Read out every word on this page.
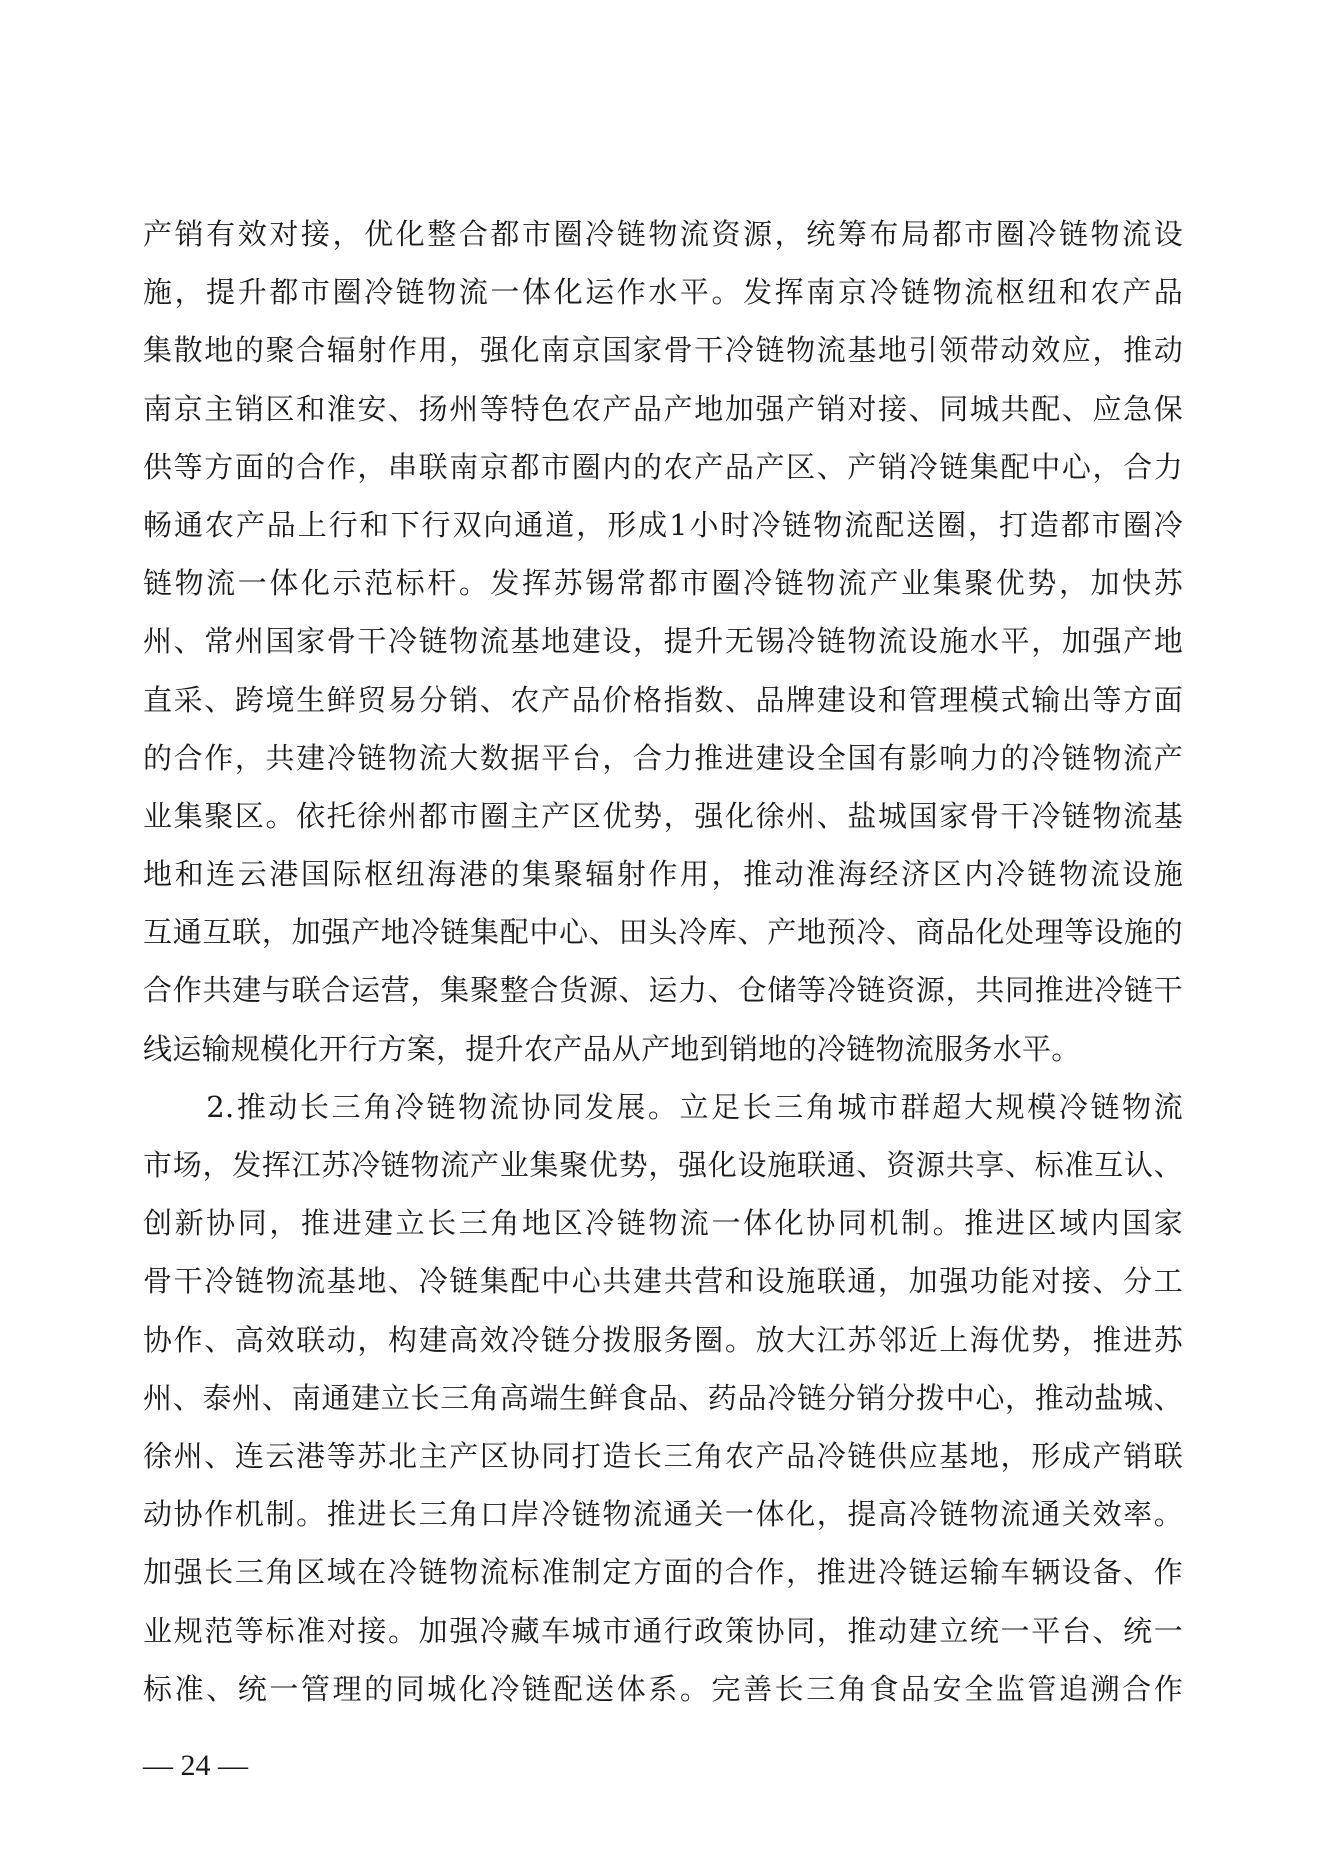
产销有效对接，优化整合都市圈冷链物流资源，统筹布局都市圈冷链物流设
施，提升都市圈冷链物流一体化运作水平。发挥南京冷链物流枢纽和农产品
集散地的聚合辐射作用，强化南京国家骨干冷链物流基地引领带动效应，推动
南京主销区和淮安、扬州等特色农产品产地加强产销对接、同城共配、应急保
供等方面的合作，串联南京都市圈内的农产品产区、产销冷链集配中心，合力
畅通农产品上行和下行双向通道，形成1小时冷链物流配送圈，打造都市圈冷
链物流一体化示范标杆。发挥苏锡常都市圈冷链物流产业集聚优势，加快苏
州、常州国家骨干冷链物流基地建设，提升无锡冷链物流设施水平，加强产地
直采、跨境生鲜贸易分销、农产品价格指数、品牌建设和管理模式输出等方面
的合作，共建冷链物流大数据平台，合力推进建设全国有影响力的冷链物流产
业集聚区。依托徐州都市圈主产区优势，强化徐州、盐城国家骨干冷链物流基
地和连云港国际枢纽海港的集聚辐射作用，推动淮海经济区内冷链物流设施
互通互联，加强产地冷链集配中心、田头冷库、产地预冷、商品化处理等设施的
合作共建与联合运营，集聚整合货源、运力、仓储等冷链资源，共同推进冷链干
线运输规模化开行方案，提升农产品从产地到销地的冷链物流服务水平。
　　2.推动长三角冷链物流协同发展。立足长三角城市群超大规模冷链物流
市场，发挥江苏冷链物流产业集聚优势，强化设施联通、资源共享、标准互认、
创新协同，推进建立长三角地区冷链物流一体化协同机制。推进区域内国家
骨干冷链物流基地、冷链集配中心共建共营和设施联通，加强功能对接、分工
协作、高效联动，构建高效冷链分拨服务圈。放大江苏邻近上海优势，推进苏
州、泰州、南通建立长三角高端生鲜食品、药品冷链分销分拨中心，推动盐城、
徐州、连云港等苏北主产区协同打造长三角农产品冷链供应基地，形成产销联
动协作机制。推进长三角口岸冷链物流通关一体化，提高冷链物流通关效率。
加强长三角区域在冷链物流标准制定方面的合作，推进冷链运输车辆设备、作
业规范等标准对接。加强冷藏车城市通行政策协同，推动建立统一平台、统一
标准、统一管理的同城化冷链配送体系。完善长三角食品安全监管追溯合作
— 24 —
